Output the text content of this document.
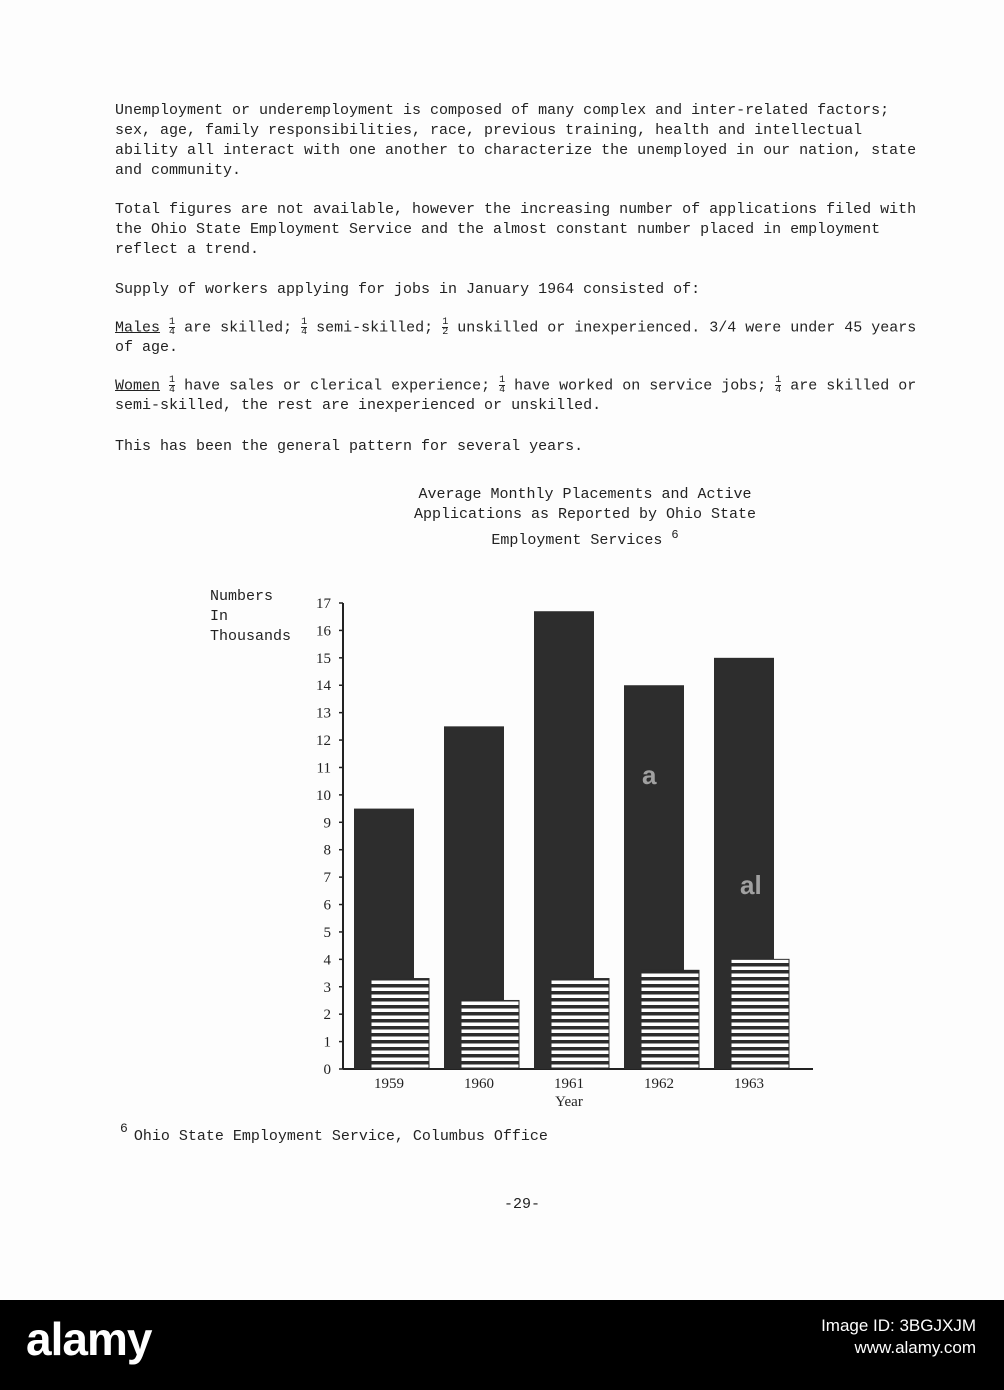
Unemployment or underemployment is composed of many complex and inter-related factors; sex, age, family responsibilities, race, previous training, health and intellectual ability all interact with one another to characterize the unemployed in our nation, state and community.

Total figures are not available, however the increasing number of applications filed with the Ohio State Employment Service and the almost constant number placed in employment reflect a trend.

Supply of workers applying for jobs in January 1964 consisted of:

Males $\frac{1}{4}$ are skilled; $\frac{1}{4}$ semi-skilled; $\frac{1}{2}$ unskilled or inexperienced. 3/4 were under 45 years of age.

Women $\frac{1}{4}$ have sales or clerical experience; $\frac{1}{4}$ have worked on service jobs; $\frac{1}{4}$ are skilled or semi-skilled, the rest are inexperienced or unskilled.

This has been the general pattern for several years.

Average Monthly Placements and Active
Applications as Reported by Ohio State
Employment Services $^6$
Numbers
In
Thousands
0
1
2
3
4
5
6
7
8
9
10
11
12
13
14
15
16
17
1959	1960	1961	1962	1963
Year
6 Ohio State Employment Service, Columbus Office
-29-
a
al
alamy	Image ID: 3BGJXJM
www.alamy.com
